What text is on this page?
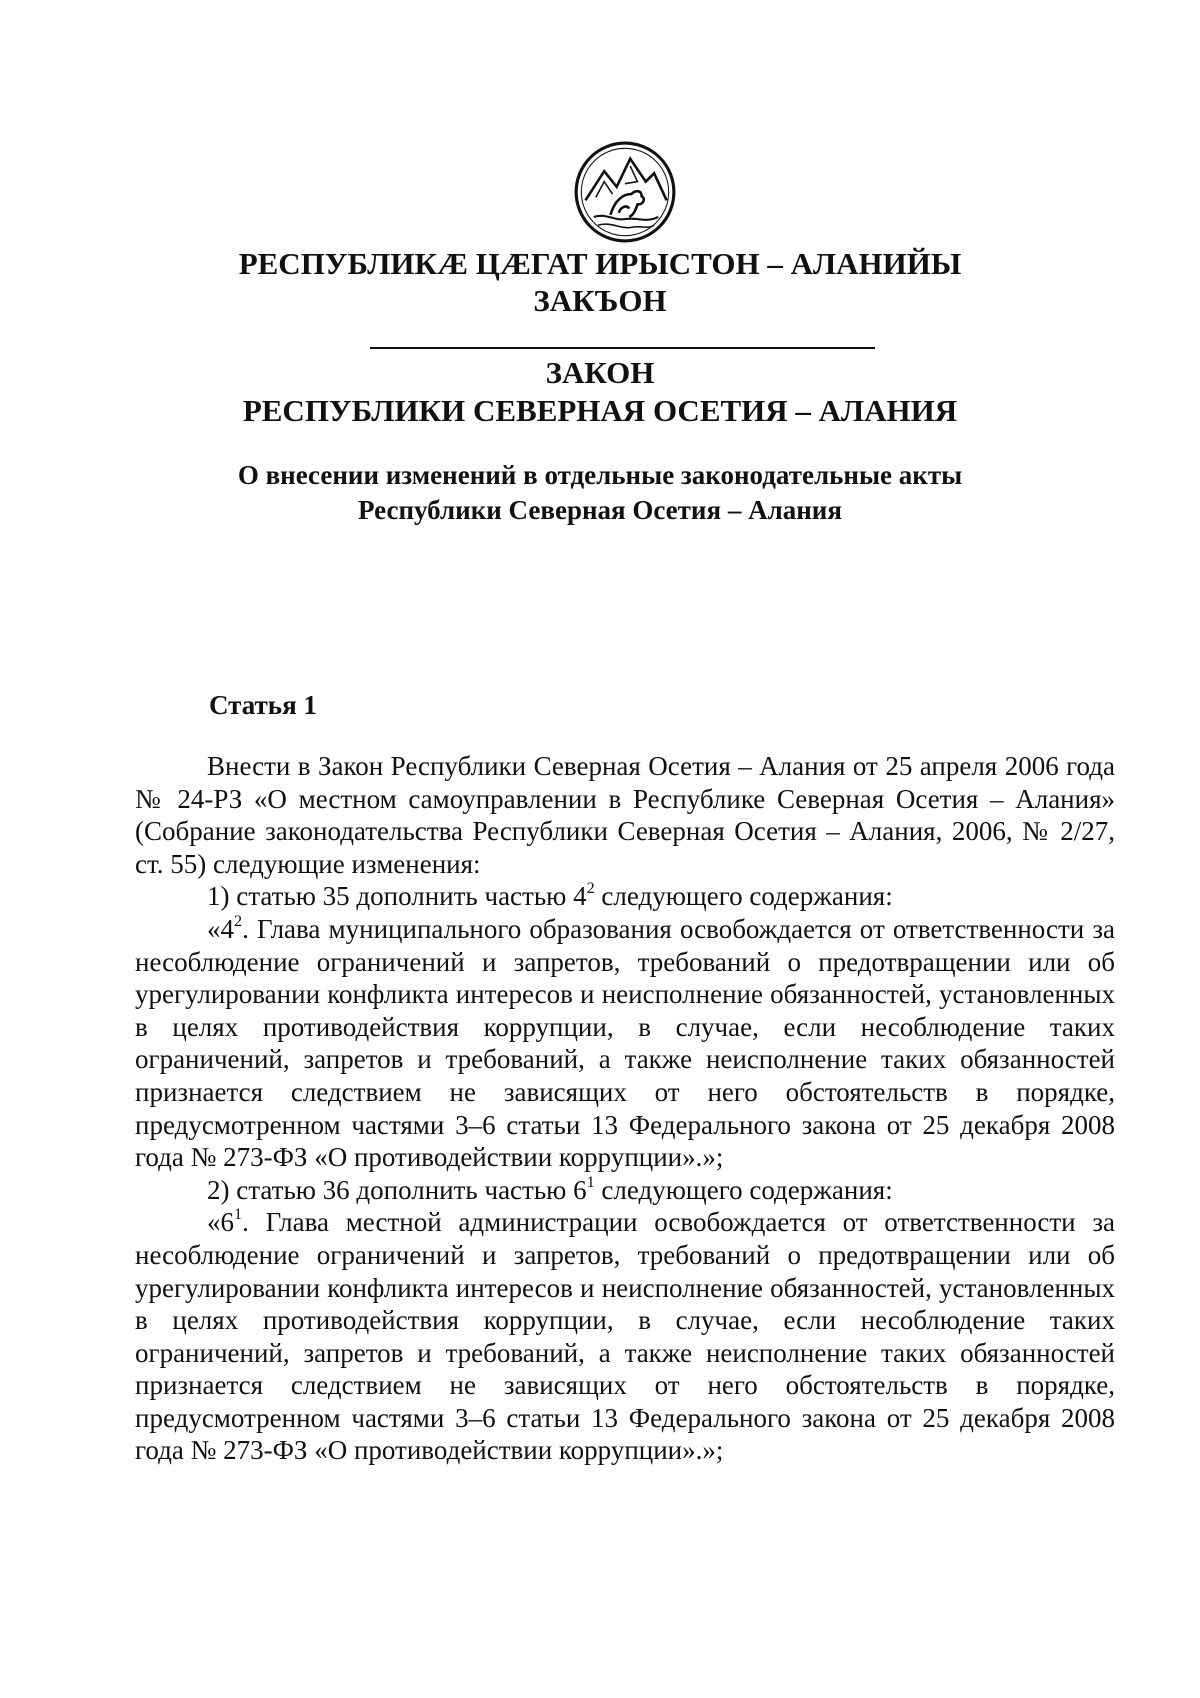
РЕСПУБЛИКӔ ЦӔГАТ ИРЫСТОН – АЛАНИЙЫ
ЗАКЪОН
ЗАКОН
РЕСПУБЛИКИ СЕВЕРНАЯ ОСЕТИЯ – АЛАНИЯ
О внесении изменений в отдельные законодательные акты
Республики Северная Осетия – Алания
Статья 1

Внести в Закон Республики Северная Осетия – Алания от 25 апреля 2006 года № 24-РЗ «О местном самоуправлении в Республике Северная Осетия – Алания» (Собрание законодательства Республики Северная Осетия – Алания, 2006, № 2/27, ст. 55) следующие изменения:

1) статью 35 дополнить частью $4^2$ следующего содержания:

«$4^2$. Глава муниципального образования освобождается от ответственности за несоблюдение ограничений и запретов, требований о предотвращении или об урегулировании конфликта интересов и неисполнение обязанностей, установленных в целях противодействия коррупции, в случае, если несоблюдение таких ограничений, запретов и требований, а также неисполнение таких обязанностей признается следствием не зависящих от него обстоятельств в порядке, предусмотренном частями 3–6 статьи 13 Федерального закона от 25 декабря 2008 года № 273-ФЗ «О противодействии коррупции».»;

2) статью 36 дополнить частью $6^1$ следующего содержания:

«$6^1$. Глава местной администрации освобождается от ответственности за несоблюдение ограничений и запретов, требований о предотвращении или об урегулировании конфликта интересов и неисполнение обязанностей, установленных в целях противодействия коррупции, в случае, если несоблюдение таких ограничений, запретов и требований, а также неисполнение таких обязанностей признается следствием не зависящих от него обстоятельств в порядке, предусмотренном частями 3–6 статьи 13 Федерального закона от 25 декабря 2008 года № 273-ФЗ «О противодействии коррупции».»;
